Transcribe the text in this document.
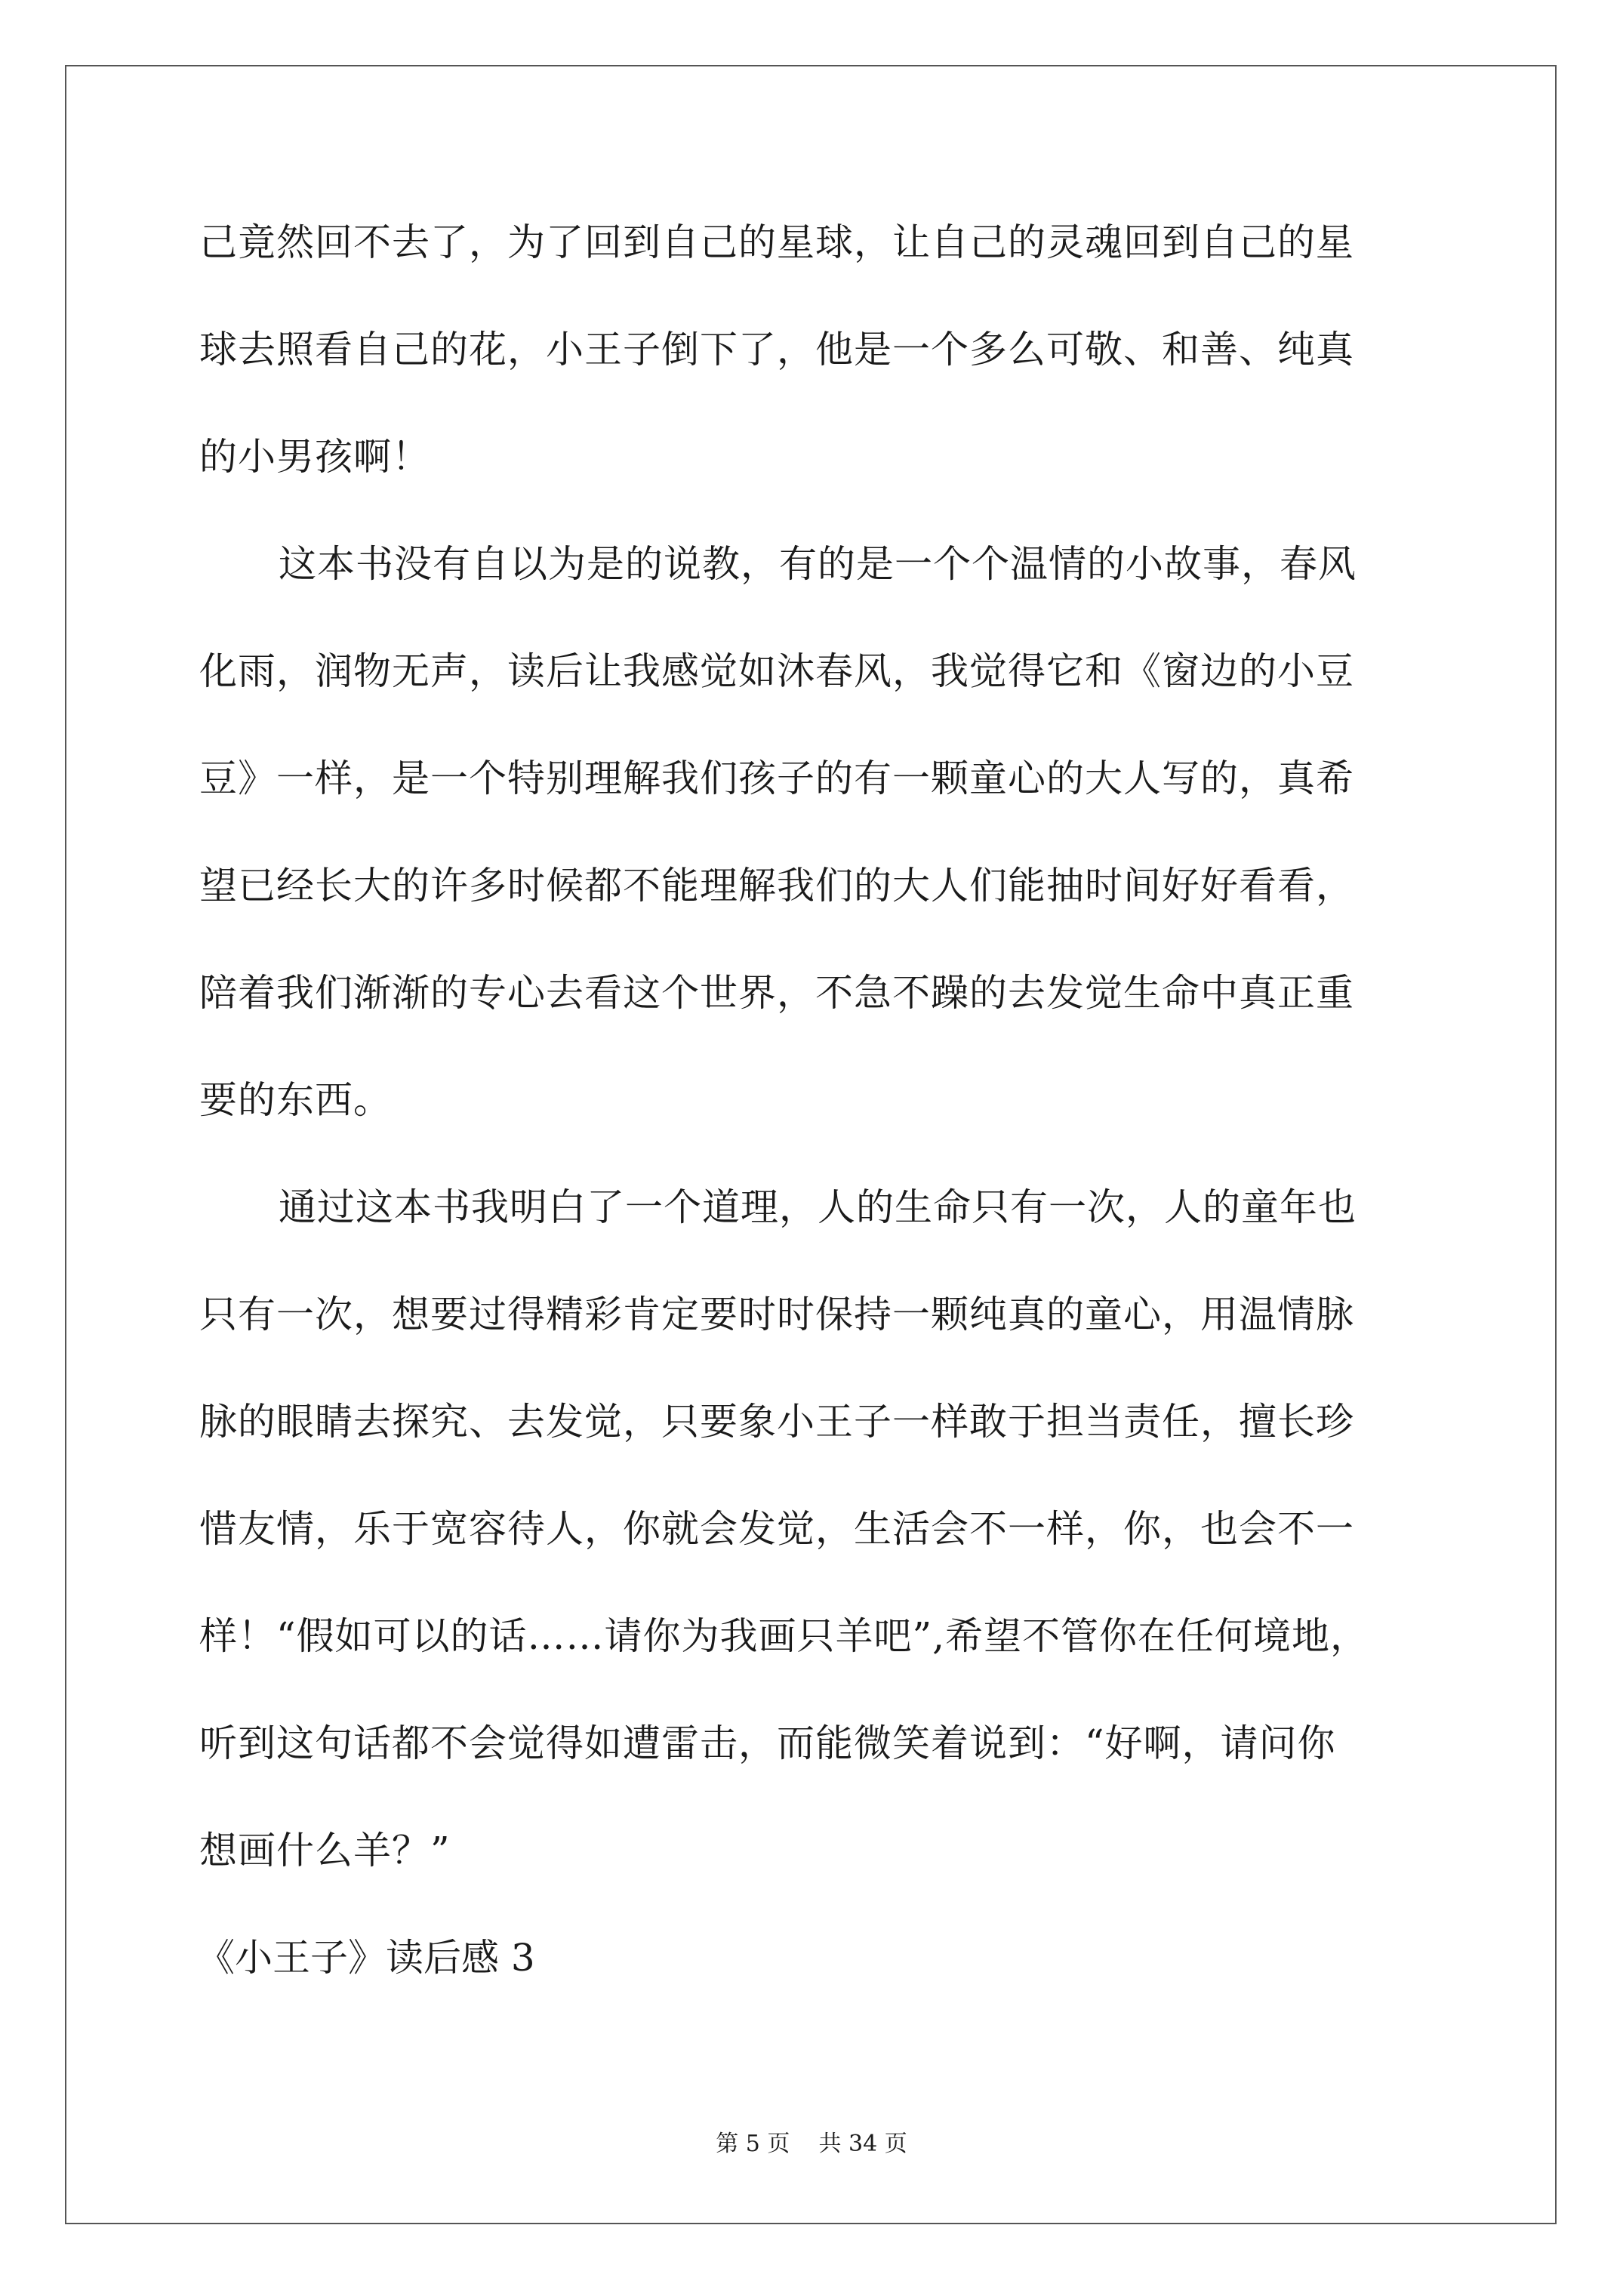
己竟然回不去了，为了回到自己的星球，让自己的灵魂回到自己的星
球去照看自己的花，小王子倒下了，他是一个多么可敬、和善、纯真
的小男孩啊！
这本书没有自以为是的说教，有的是一个个温情的小故事，春风
化雨，润物无声，读后让我感觉如沐春风，我觉得它和《窗边的小豆
豆》一样，是一个特别理解我们孩子的有一颗童心的大人写的，真希
望已经长大的许多时候都不能理解我们的大人们能抽时间好好看看，
陪着我们渐渐的专心去看这个世界，不急不躁的去发觉生命中真正重
要的东西。
通过这本书我明白了一个道理，人的生命只有一次，人的童年也
只有一次，想要过得精彩肯定要时时保持一颗纯真的童心，用温情脉
脉的眼睛去探究、去发觉，只要象小王子一样敢于担当责任，擅长珍
惜友情，乐于宽容待人，你就会发觉，生活会不一样，你，也会不一
样！“假如可以的话……请你为我画只羊吧”,希望不管你在任何境地，
听到这句话都不会觉得如遭雷击，而能微笑着说到：“好啊，请问你
想画什么羊？”
《小王子》读后感 3
第 5 页    共 34 页
